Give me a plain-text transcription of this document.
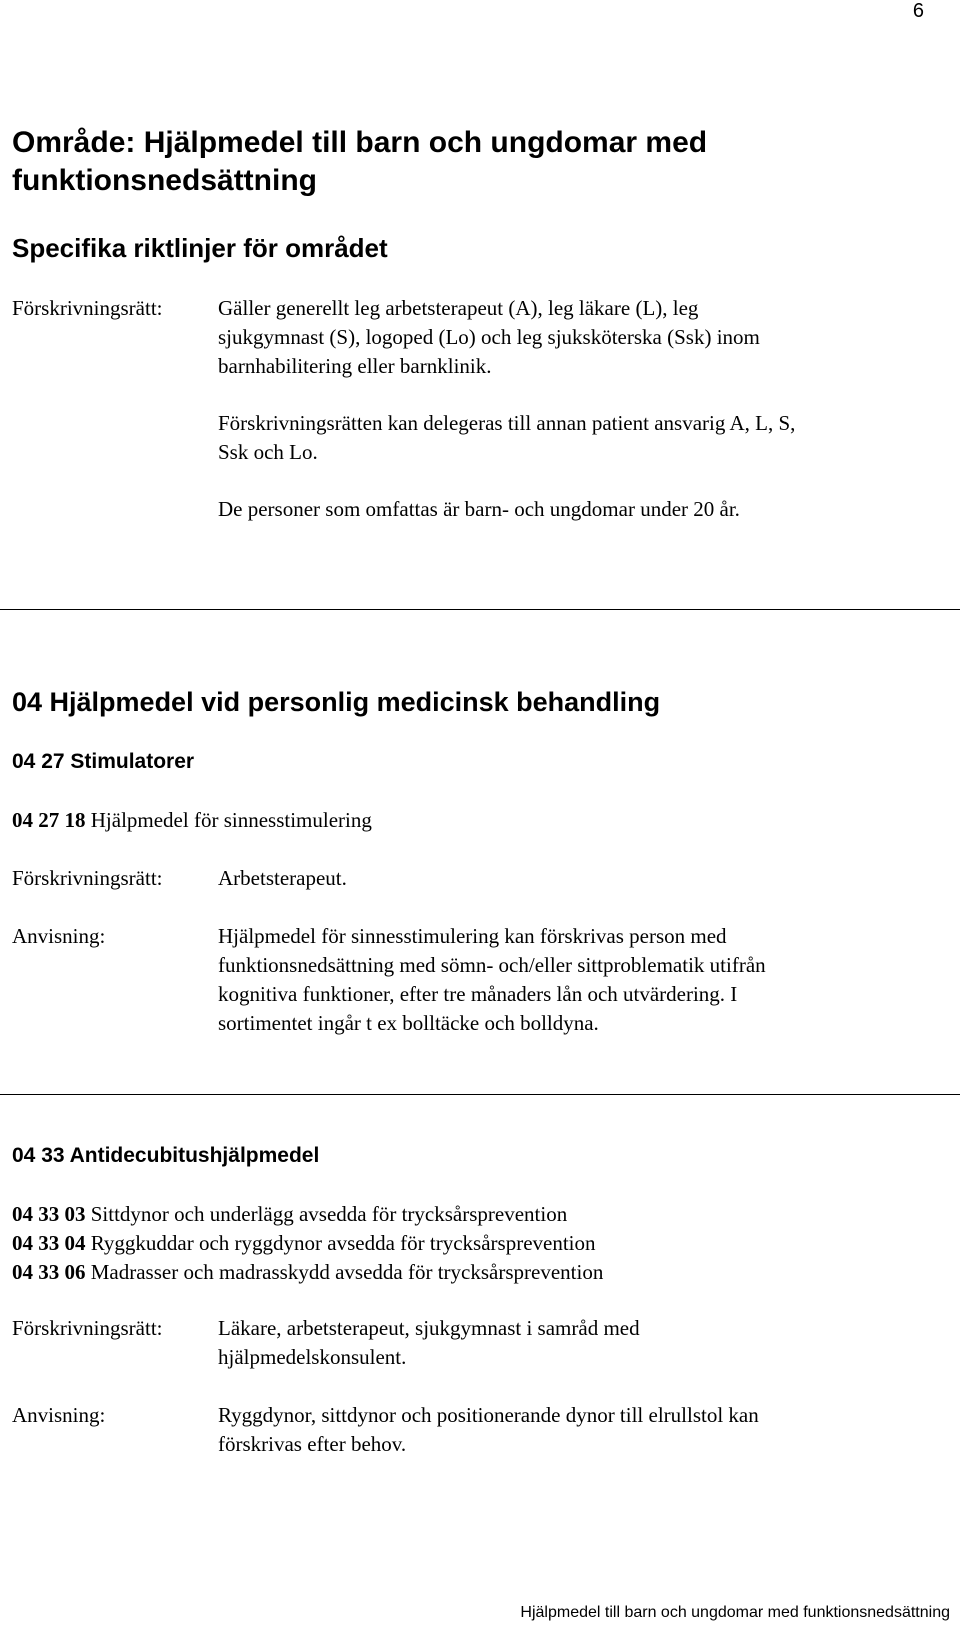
6
Område: Hjälpmedel till barn och ungdomar med funktionsnedsättning
Specifika riktlinjer för området
Förskrivningsrätt:	Gäller generellt leg arbetsterapeut (A), leg läkare (L), leg sjukgymnast (S), logoped (Lo) och leg sjuksköterska (Ssk) inom barnhabilitering eller barnklinik.

Förskrivningsrätten kan delegeras till annan patient ansvarig A, L, S, Ssk och Lo.

De personer som omfattas är barn- och ungdomar under 20 år.

04 Hjälpmedel vid personlig medicinsk behandling
04 27 Stimulatorer
04 27 18 Hjälpmedel för sinnesstimulering
Förskrivningsrätt:	Arbetsterapeut.
Anvisning:	Hjälpmedel för sinnesstimulering kan förskrivas person med funktionsnedsättning med sömn- och/eller sittproblematik utifrån kognitiva funktioner, efter tre månaders lån och utvärdering. I sortimentet ingår t ex bolltäcke och bolldyna.
04 33 Antidecubitushjälpmedel
04 33 03 Sittdynor och underlägg avsedda för trycksårsprevention
04 33 04 Ryggkuddar och ryggdynor avsedda för trycksårsprevention
04 33 06 Madrasser och madrasskydd avsedda för trycksårsprevention
Förskrivningsrätt:	Läkare, arbetsterapeut, sjukgymnast i samråd med hjälpmedelskonsulent.
Anvisning:	Ryggdynor, sittdynor och positionerande dynor till elrullstol kan förskrivas efter behov.
Hjälpmedel till barn och ungdomar med funktionsnedsättning
